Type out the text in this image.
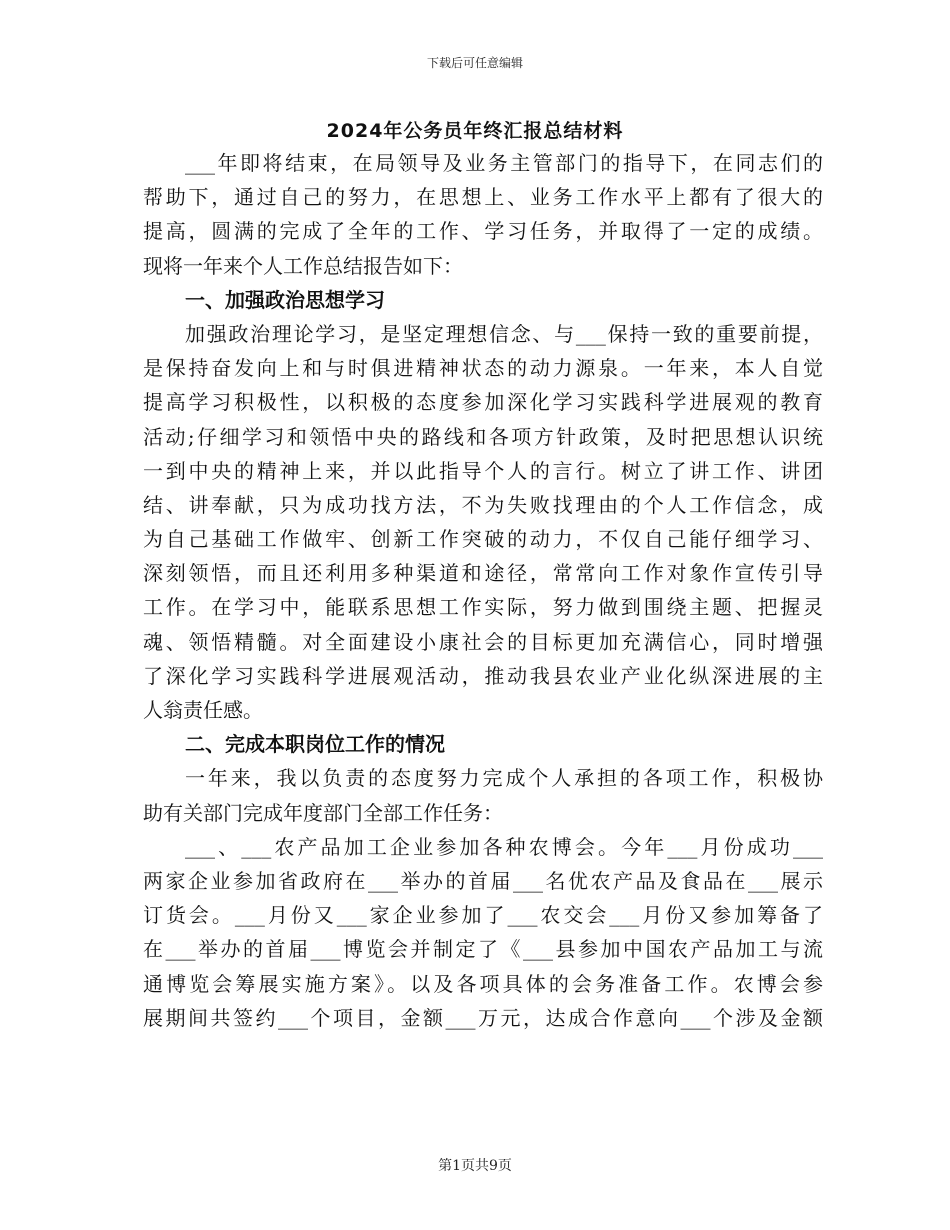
下载后可任意编辑
2024年公务员年终汇报总结材料
___年即将结束，在局领导及业务主管部门的指导下，在同志们的
帮助下，通过自己的努力，在思想上、业务工作水平上都有了很大的
提高，圆满的完成了全年的工作、学习任务，并取得了一定的成绩。
现将一年来个人工作总结报告如下：
一、加强政治思想学习
加强政治理论学习，是坚定理想信念、与___保持一致的重要前提，
是保持奋发向上和与时俱进精神状态的动力源泉。一年来，本人自觉
提高学习积极性，以积极的态度参加深化学习实践科学进展观的教育
活动;仔细学习和领悟中央的路线和各项方针政策，及时把思想认识统
一到中央的精神上来，并以此指导个人的言行。树立了讲工作、讲团
结、讲奉献，只为成功找方法，不为失败找理由的个人工作信念，成
为自己基础工作做牢、创新工作突破的动力，不仅自己能仔细学习、
深刻领悟，而且还利用多种渠道和途径，常常向工作对象作宣传引导
工作。在学习中，能联系思想工作实际，努力做到围绕主题、把握灵
魂、领悟精髓。对全面建设小康社会的目标更加充满信心，同时增强
了深化学习实践科学进展观活动，推动我县农业产业化纵深进展的主
人翁责任感。
二、完成本职岗位工作的情况
一年来，我以负责的态度努力完成个人承担的各项工作，积极协
助有关部门完成年度部门全部工作任务：
___、___农产品加工企业参加各种农博会。今年___月份成功___
两家企业参加省政府在___举办的首届___名优农产品及食品在___展示
订货会。___月份又___家企业参加了___农交会___月份又参加筹备了
在___举办的首届___博览会并制定了《___县参加中国农产品加工与流
通博览会筹展实施方案》。以及各项具体的会务准备工作。农博会参
展期间共签约___个项目，金额___万元，达成合作意向___个涉及金额
第1页共9页
